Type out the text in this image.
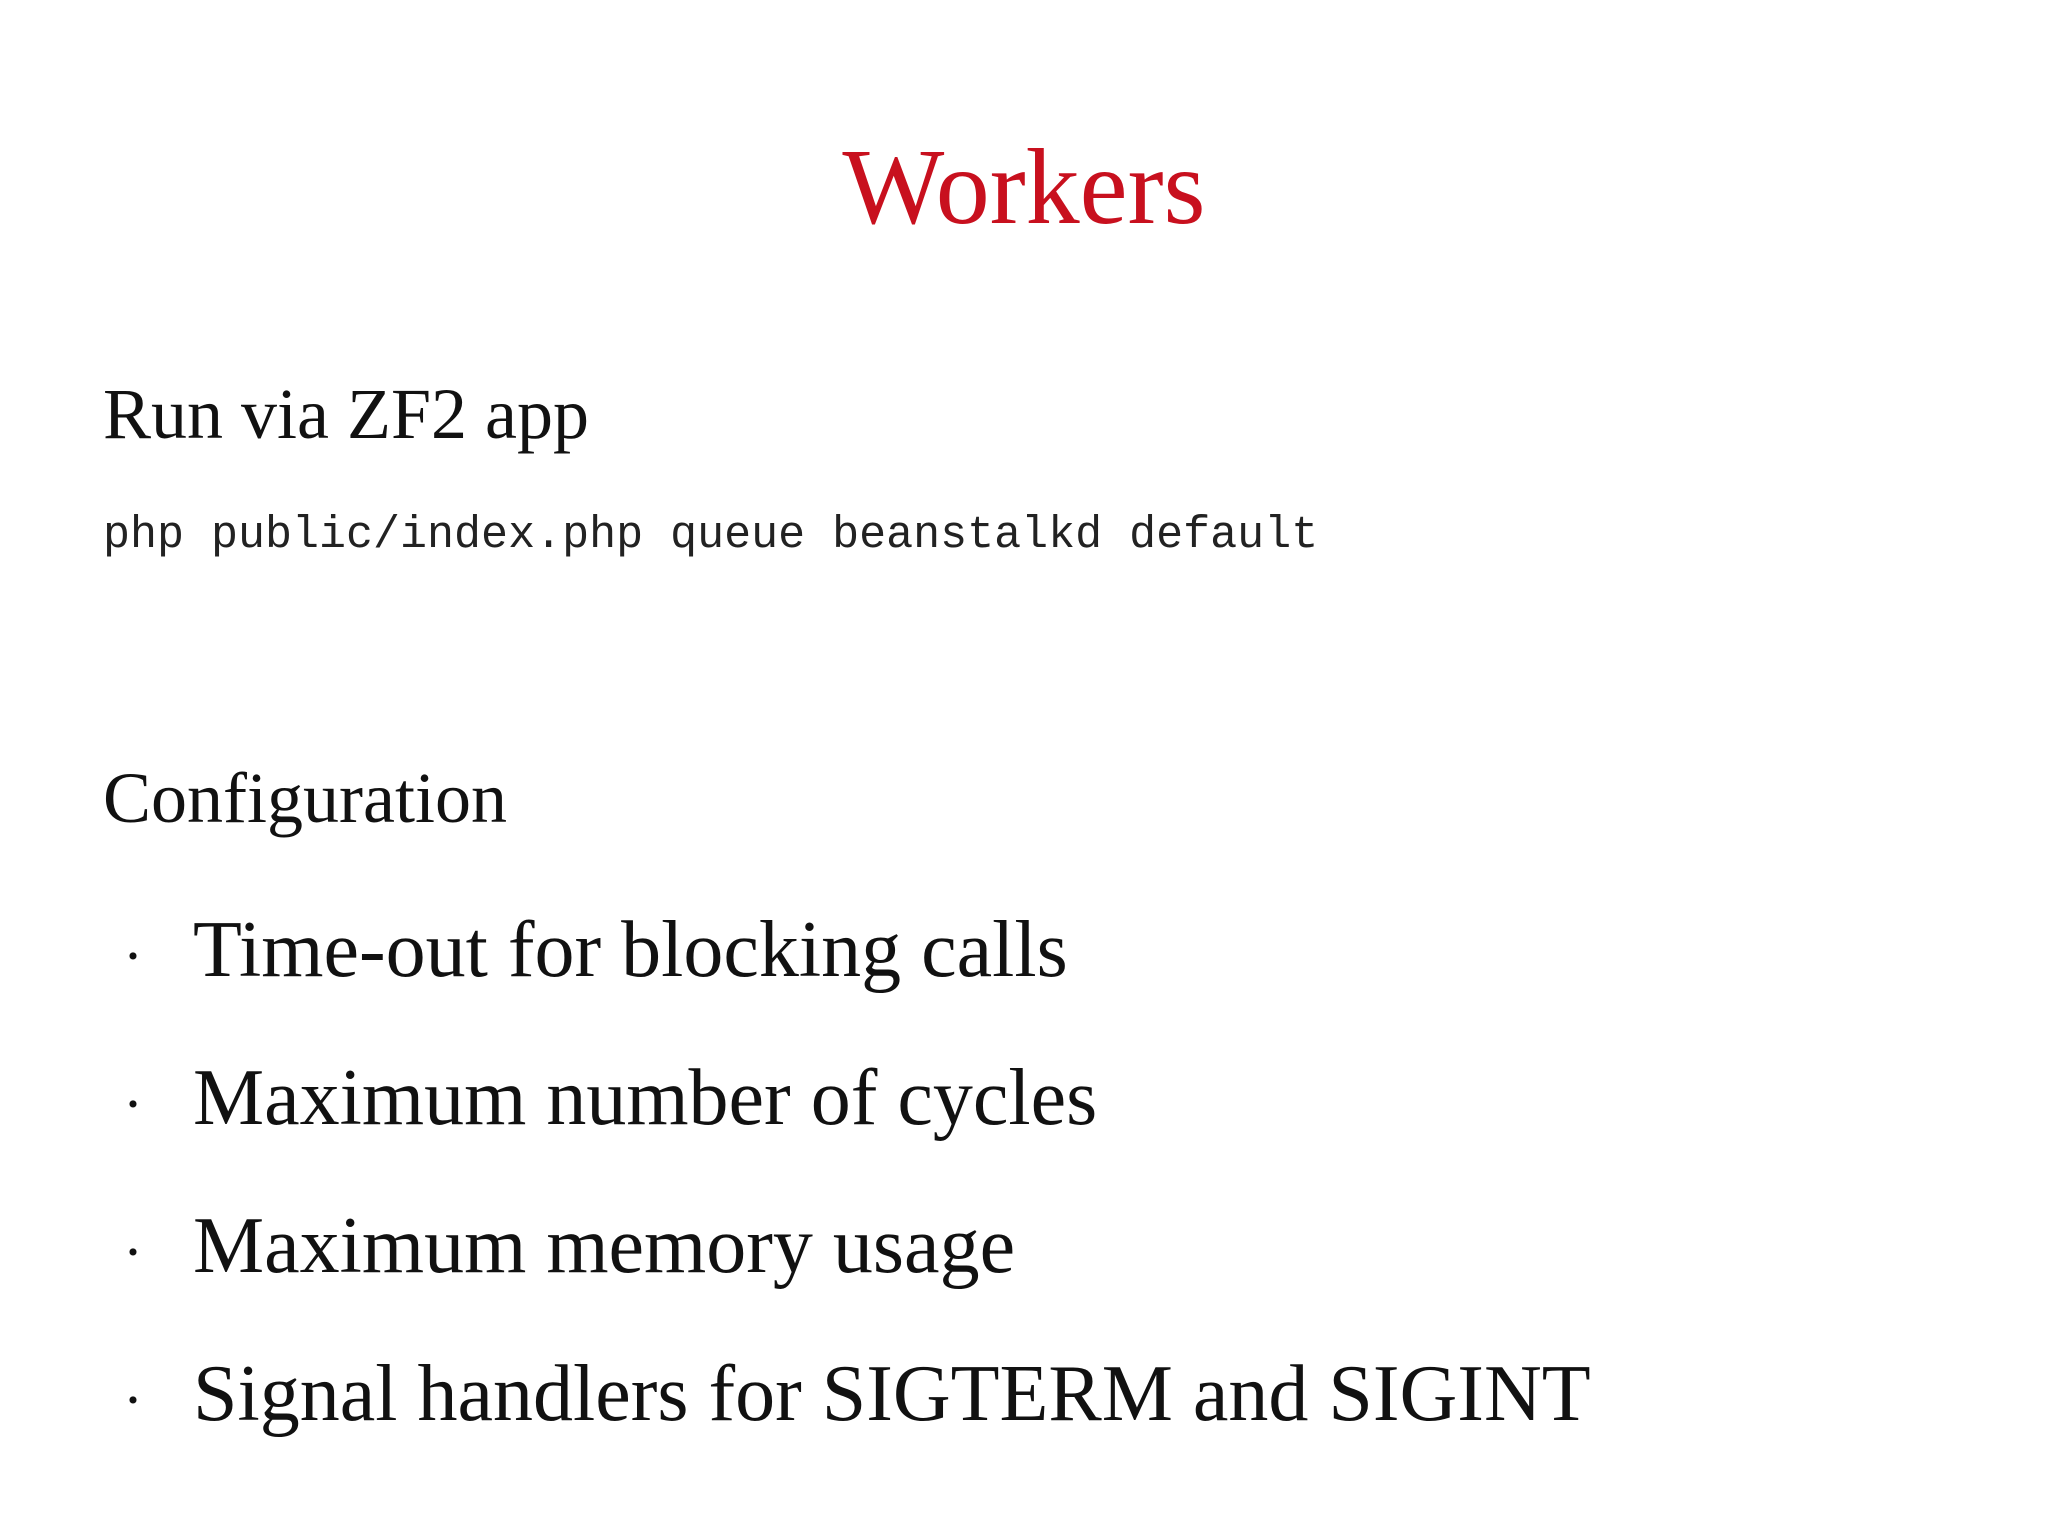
Workers
Run via ZF2 app
php public/index.php queue beanstalkd default
Configuration
· Time-out for blocking calls
· Maximum number of cycles
· Maximum memory usage
· Signal handlers for SIGTERM and SIGINT
